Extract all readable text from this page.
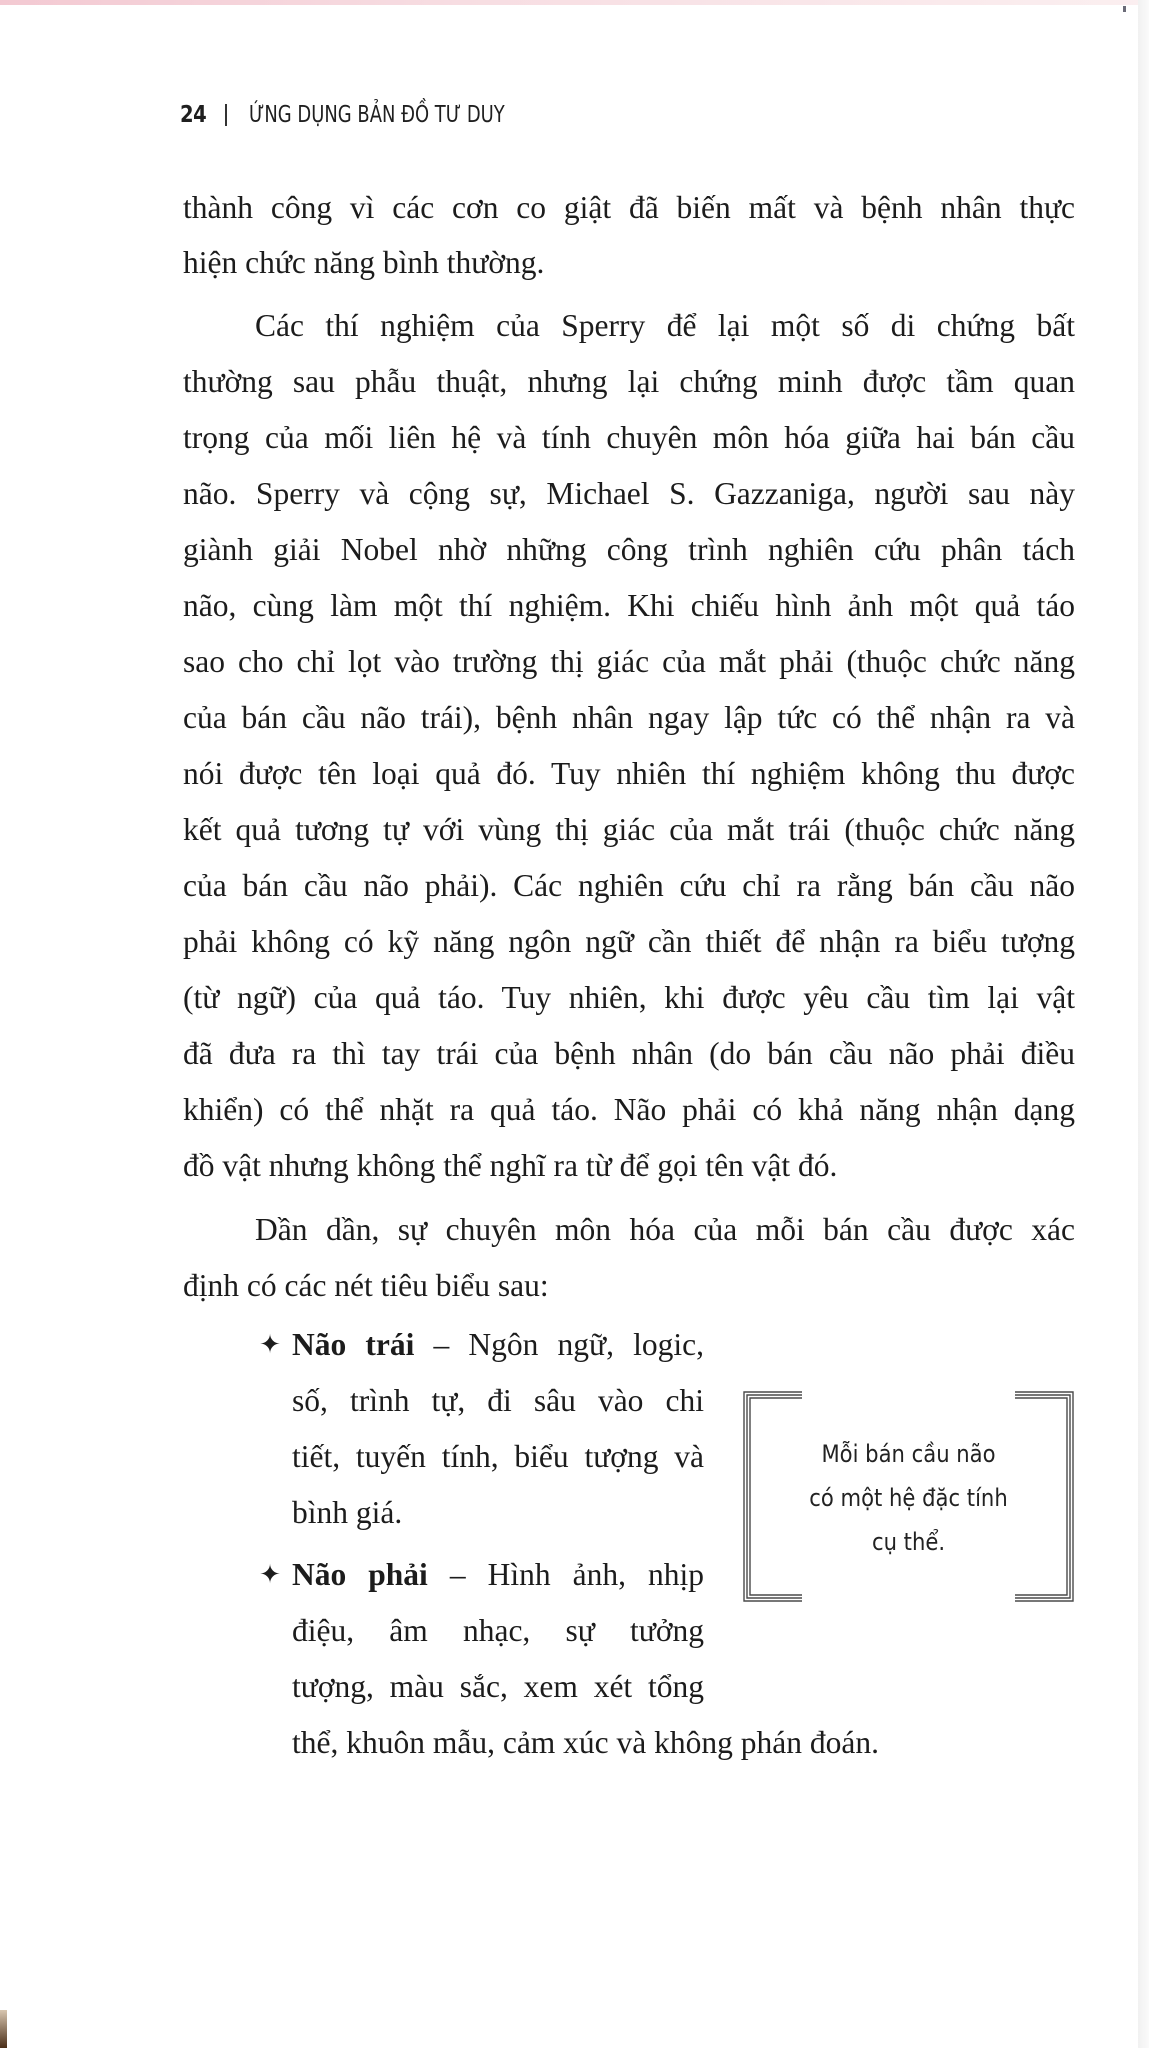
24 ỨNG DỤNG BẢN ĐỒ TƯ DUY
thành công vì các cơn co giật đã biến mất và bệnh nhân thực
hiện chức năng bình thường.
Các thí nghiệm của Sperry để lại một số di chứng bất
thường sau phẫu thuật, nhưng lại chứng minh được tầm quan
trọng của mối liên hệ và tính chuyên môn hóa giữa hai bán cầu
não. Sperry và cộng sự, Michael S. Gazzaniga, người sau này
giành giải Nobel nhờ những công trình nghiên cứu phân tách
não, cùng làm một thí nghiệm. Khi chiếu hình ảnh một quả táo
sao cho chỉ lọt vào trường thị giác của mắt phải (thuộc chức năng
của bán cầu não trái), bệnh nhân ngay lập tức có thể nhận ra và
nói được tên loại quả đó. Tuy nhiên thí nghiệm không thu được
kết quả tương tự với vùng thị giác của mắt trái (thuộc chức năng
của bán cầu não phải). Các nghiên cứu chỉ ra rằng bán cầu não
phải không có kỹ năng ngôn ngữ cần thiết để nhận ra biểu tượng
(từ ngữ) của quả táo. Tuy nhiên, khi được yêu cầu tìm lại vật
đã đưa ra thì tay trái của bệnh nhân (do bán cầu não phải điều
khiển) có thể nhặt ra quả táo. Não phải có khả năng nhận dạng
đồ vật nhưng không thể nghĩ ra từ để gọi tên vật đó.
Dần dần, sự chuyên môn hóa của mỗi bán cầu được xác
định có các nét tiêu biểu sau:
✦ Não trái – Ngôn ngữ, logic,
số, trình tự, đi sâu vào chi
tiết, tuyến tính, biểu tượng và
bình giá.
✦ Não phải – Hình ảnh, nhịp
điệu, âm nhạc, sự tưởng
tượng, màu sắc, xem xét tổng
thể, khuôn mẫu, cảm xúc và không phán đoán.
Mỗi bán cầu não
có một hệ đặc tính
cụ thể.
